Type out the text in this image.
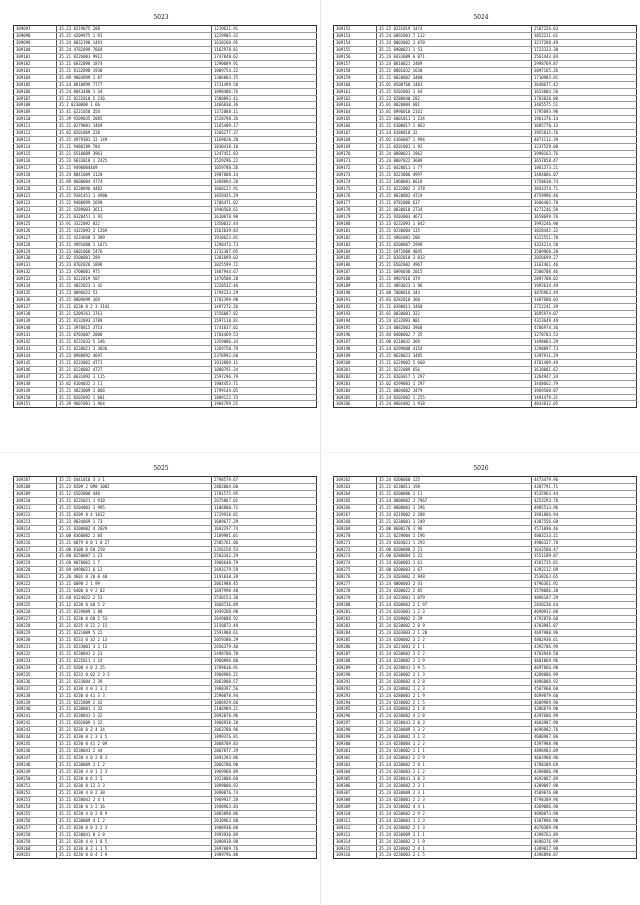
5023
309097	35.23 8219075 208	1219621.91
309098	35.21 4209975 1 91	1229905.32
309099	35.24 8832398 1491	1638260.95
309100	35.24 4782099 7669	1162978.81
309101	35.21 8226001 9912	1747848.62
309102	35.21 6632098 1874	1290089.91
309103	35.21 8132890 1930	1809754.22
309104	35.89 9803899 1 87	1306803.75
309105	35.24 8810899 7777	1731499.58
309106	35.24 8843480 1 34	1890480.76
309107	35.21 8232010 5 236	1580893.41
309108	35.2 0230000 1 66	1466830.36
309109	35.41 6221058 354	1372088.11
309110	35.39 9209035 2085	1528798.26
309111	35.21 0279001 1469	1165409.17
309112	35.82 8201069 228	1266277.37
309113	35.21 4979301 12 149	1169020.20
309114	35.21 9480289 784	1830418.10
309115	35.21 6510009 3961	1247451.83
309116	35.23 6833010 1 2425	1529296.22
309117	35.21 9490004469	1059780.26
309118	35.24 8841089 1120	1987808.14
309119	35.89 8608004 4774	1468894.28
309120	35.21 8238096 4402	1660127.91
309121	35.21 9381451 1 4980	1829435.29
309122	35.22 9488099 2699	1706471.02
309123	35.21 4289003 3611	1940568.61
309124	35.21 0320451 1 92	1610070.90
309125	35.91 3322092 822	1350032.44
309126	35.21 4322093 2 1269	1561039.83
309127	35.21 4233668 3 389	1910623.81
309128	35.21 4991088 1 1071	1290473.73
309129	35.23 6801068 2476	1732307.05
309130	35.82 9200001 289	1381099.03
309131	35.23 8702026 1896	1025599.72
309132	35.23 4700001 975	1407944.67
309133	35.21 8222019 507	1470508.28
309134	35.21 4032023 1 42	1220532.46
309135	35.23 8096823 53	1794233.29
309136	35.21 8009099 169	1702399.90
309137	35.21 8230 0 2 3 3142	1497272.26
309138	35.21 6209261 1761	1556087.82
309139	35.21 8232093 1789	1597118.81
309140	35.21 3970815 3714	1741037.02
309141	35.21 0703007 2008	1764469.53
309142	35.21 8232033 5 346	1359086.34
309143	35.21 8238021 3 3036	1269750.79
309144	35.23 0988092 4697	2376992.68
309145	35.21 8233062 4771	1913889.11
309146	35.21 8220002 4727	1880791.34
309147	35.21 0631092 1 115	1597296.79
309148	35.82 8104032 1 11	1904453.71
309149	35.21 4023009 1 066	1799144.05
309150	35.21 8202092 1 001	1889122.73
309151	35.39 9607001 1 964	1904799.55
5024
309152	35.22 0231019 1474	2587226.63
309153	35.24 6092001 7 112	3852221.61
309154	35.24 0003002 1 870	3217288.49
309155	35.21 0900021 1 53	1723323.30
309156	35.24 0433089 6 071	2561443.84
309157	35.24 0810021 2409	2998769.87
309158	35.21 0801032 1630	3097165.26
309159	35.21 0020002 3400	1710983.81
309160	35.01 0500760 1401	3648677.42
309161	35.21 8202003 1 64	1653804.56
309162	35.23 0280840 282	3783820.08
309163	35.01 0020004 601	3465575.51
309164	35.81 0996010 2161	1795093.90
309165	35.23 6001011 1 234	1961376.14
309166	35.21 6100017 1 863	3685770.13
309167	35.24 8188010 32	3955815.76
309168	35.02 6166007 1 994	4871112.39
309169	35.21 0201001 1 92	3237529.08
309170	35.24 0800021 1962	3998163.76
309171	35.24 0007022 3609	3657058.47
309172	35.21 0420011 1 77	1861373.21
309173	35.21 8223006 4997	3484066.07
309174	35.23 1860001 6618	3758630.74
309175	35.21 8232002 1 378	3843374.71
309176	35.21 8820002 4724	4759996.46
309177	35.21 0782006 637	3606403.78
309178	35.21 0030018 2734	4271246.50
309179	35.21 9203003 4673	3658699.76
309180	35.23 0232093 1 042	3993246.90
309181	35.21 0230004 135	3828442.32
309182	35.21 4901001 206	4322551.78
309183	35.21 8200007 2998	4324214.50
309184	35.21 6972008 4845	3509960.20
309185	35.21 0202018 3 013	2056699.27
309186	35.21 6502002 4967	3162461.46
309187	35.21 6096030 2015	2500708.46
309188	35.21 8907016 379	2097708.02
309189	35.21 4093023 1 96	3992614.49
309190	35.80 7008016 344	4876963.49
309191	35.83 0282010 360	3407688.03
309192	35.21 0390011 3460	2722241.39
309193	35.01 0030001 322	3695974.07
309194	35.24 0232093 001	4323649.49
309195	35.24 0082003 3960	4786974.36
309196	35.84 0400002 7 35	3278703.53
309197	35.00 0210032 369	3498083.29
309198	35.24 0299008 4154	3298097.73
309199	35.21 0620021 3485	3397911.29
309200	35.21 6229002 5 660	4701409.49
309201	35.21 8232009 656	3618081.62
309202	35.21 8203017 1 297	3264947.34
309203	35.02 8299003 1 297	3448662.79
309204	35.21 0004002 3479	3969500.87
309205	35.24 8202002 1 255	3491479.31
309206	35.24 0801002 1 918	4043832.05
5025
309207	35.21 6441010 3 3 1	2798579.67
309208	35.23 8209 2 098 1002	2882004.60
309209	35.12 6503006 440	1701575.95
309210	35.21 8235021 1 910	2675867.01
309211	35.21 8204003 1 995	1106808.71
309212	35.21 8209 0 4 1012	1729918.81
309213	35.23 8034069 1 73	1609677.29
309214	35.21 8200002 4 2029	1692297.74
309215	35.08 8360002 2 04	2189981.01
309216	35.21 6079 0 0 1 0 27	2505761.06
309217	35.08 8100 0 68 250	2356158.53
309218	35.88 8250007 1 23	2503342.29
309219	35.68 8070062 1 7	1966648.79
309220	35.89 0498021 6 12	2693179.59
309221	35.26 4601 0 20 0 40	2191838.39
309222	35.21 6098 2 1 99	2061988.45
309223	35.21 6400 0 9 2 02	1697990.40
309224	35.68 8124022 2 53	2530153.38
309225	35.12 8230 0 60 5 2	1668736.89
309226	35.21 8239009 1 88	1939288.90
309227	35.21 8230 0 60 2 53	2649088.92
309228	35.21 8235 0 22 2 15	2150873.49
309229	35.21 8221009 5 22	2591988.61
309230	35.21 8233 0 32 2 13	2059380.29
309231	35.21 8233001 3 3 13	2656379.40
309232	35.21 8230041 2 23	2498780.70
309233	35.21 8235011 1 24	1960896.80
309234	35.21 8200 4 0 2 25	1789038.91
309235	35.21 8233 0 02 2 3 3	1968986.21
309236	35.21 8233004 2 39	2063908.57
309237	35.21 8230 4 0 2 3 2	1988397.56
309238	35.21 8230 0 41 3 3	2590878.94
309239	35.21 8222009 2 32	1886929.66
309240	35.21 8230001 1 32	2106989.21
309241	35.21 8230041 2 32	2092878.96
309242	35.21 8202009 1 32	1966938.20
309243	35.21 8230 0 2 4 34	2063780.96
309244	35.21 8230 0 2 3 3 5	1899376.81
309245	35.21 8230 0 41 2 09	2068709.83
309246	35.21 8230041 2 44	2067877.29
309247	35.21 8230 4 0 2 0 3	2091393.86
309248	35.21 8230009 2 1 2	2066780.90
309249	35.21 8230 4 0 1 2 3	1969960.89
309250	35.21 8230 0 6 2 5	1923808.68
309251	35.21 8230 0 12 3 3	1899080.93
309252	35.21 8230 4 0 2 30	2090876.74
309253	35.21 8230041 2 4 1	1969937.20
309254	35.21 8230 0 3 2 16	1940963.84
309255	35.21 8230 4 0 2 0 9	2083898.86
309256	35.21 8230009 4 1 2	2010963.88
309257	35.21 8230 0 0 3 2 3	1908930.88
309258	35.21 8230041 0 3 0	1993930.89
309259	35.21 8230 4 0 1 0 5	2090938.98
309260	35.21 8230 0 2 1 1 5	2097089.76
309261	35.21 8230 0 0 4 1 9	1989796.80
5026
309262	35.24 8200060 125	4473479.96
309263	35.21 0230011 198	4387791.71
309264	35.21 0200006 1 11	4535963.44
309265	35.24 0800002 3 7967	4253293.70
309266	35.21 0800003 1 296	4985513.96
309267	35.24 0219002 2 288	3981886.94
309268	35.21 0238001 1 249	4307556.60
309269	35.00 0600276 1 98	4571090.46
309270	35.21 0239004 1 196	4803233.21
309271	35.24 0303021 1 293	4906327.78
309272	35.00 0200088 2 21	3643580.47
309273	35.00 0280004 2 22	3551189.87
309274	35.24 0200003 1 61	4581735.81
309275	35.00 0200003 1 67	4392112.89
309276	35.24 0203002 2 948	2538263.65
309277	35.24 0000003 2 31	4796361.92
309278	35.24 0200022 2 85	3578086.38
309279	35.24 0233001 1 079	4896187.29
309280	35.24 0200003 2 1 97	2830230.64
309281	35.24 0203001 1 2 3	4690932.88
309282	35.24 0209002 2 29	4792870.60
309283	35.24 0230002 2 0 9	4703901.87
309284	35.24 0203003 2 1 20	4697980.96
309285	35.24 0200002 3 2 2	4882930.61
309286	35.24 0223001 2 1 1	4392786.99
309287	35.24 0230002 3 2 2	4703948.58
309288	35.24 0238002 1 2 9	4601069.96
309289	35.24 0230041 2 9 5	4697866.90
309290	35.24 0230002 2 1 3	4289086.99
309291	35.24 0208002 4 2 8	4896088.92
309292	35.24 0230002 1 2 3	4587960.68
309293	35.24 0280003 2 1 9	4699879.60
309294	35.24 0230002 2 1 5	4609989.96
309295	35.24 0200003 2 1 8	4386879.90
309296	35.24 0230002 4 2 8	4397686.99
309297	35.24 0230041 2 0 3	4603987.98
309298	35.24 0230009 1 3 2	4696982.76
309299	35.24 0230002 3 1 3	4680987.86
309300	35.24 0230004 1 2 2	4397988.90
309301	35.24 0230002 1 1 1	4896903.09
309302	35.24 0230001 2 2 9	4603988.96
309303	35.24 0230002 2 0 1	4780389.69
309304	35.24 0230003 2 1 2	4398086.98
309305	35.24 0230041 3 0 3	4692087.89
309306	35.24 0230002 2 3 1	4389097.90
309307	35.24 0230009 2 3 1	4509876.80
309308	35.24 0230001 2 2 3	4798389.96
309309	35.24 0230002 4 4 1	4369086.98
309310	35.24 0230002 2 9 2	4690873.98
309311	35.24 0230003 1 2 3	4387896.90
309312	35.24 0230002 2 1 3	4670389.98
309313	35.24 0230009 3 1 1	4398763.89
309314	35.24 0230002 2 1 9	4698376.99
309315	35.24 0230002 2 4 1	4389027.98
309316	35.24 0230003 2 1 5	4396890.87
